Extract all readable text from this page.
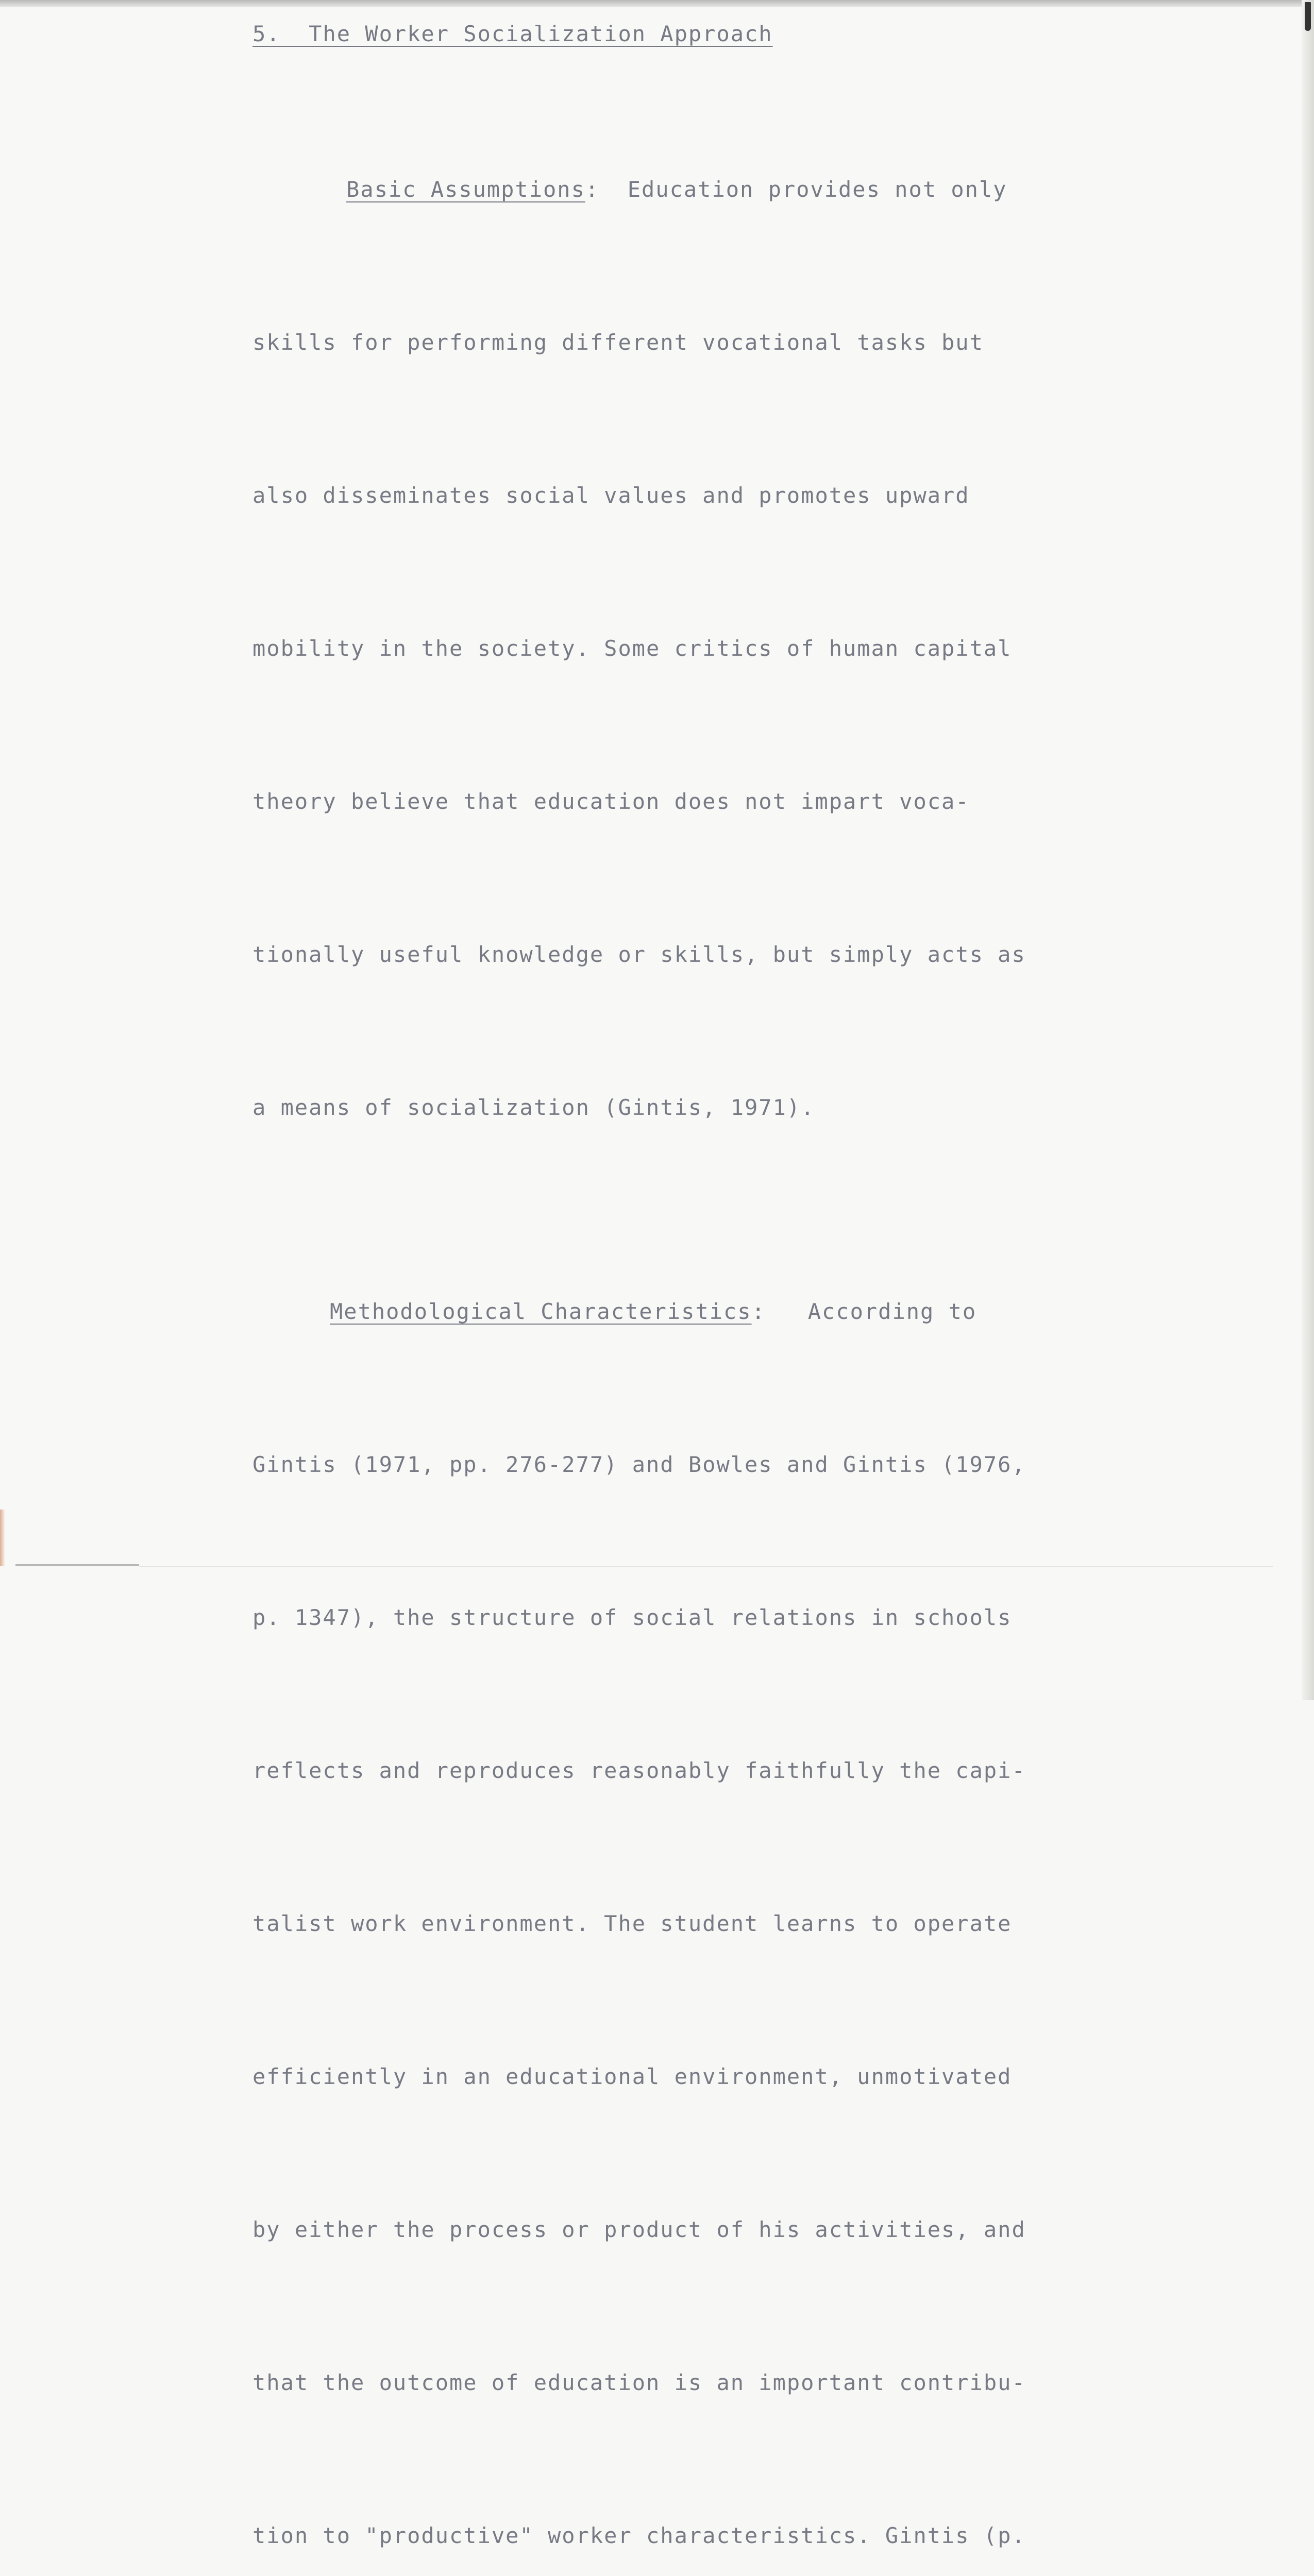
5.  The Worker Socialization Approach

Basic Assumptions:  Education provides not only

skills for performing different vocational tasks but

also disseminates social values and promotes upward

mobility in the society. Some critics of human capital

theory believe that education does not impart voca-

tionally useful knowledge or skills, but simply acts as

a means of socialization (Gintis, 1971).

Methodological Characteristics:   According to

Gintis (1971, pp. 276-277) and Bowles and Gintis (1976,

p. 1347), the structure of social relations in schools

reflects and reproduces reasonably faithfully the capi-

talist work environment. The student learns to operate

efficiently in an educational environment, unmotivated

by either the process or product of his activities, and

that the outcome of education is an important contribu-

tion to "productive" worker characteristics. Gintis (p.
